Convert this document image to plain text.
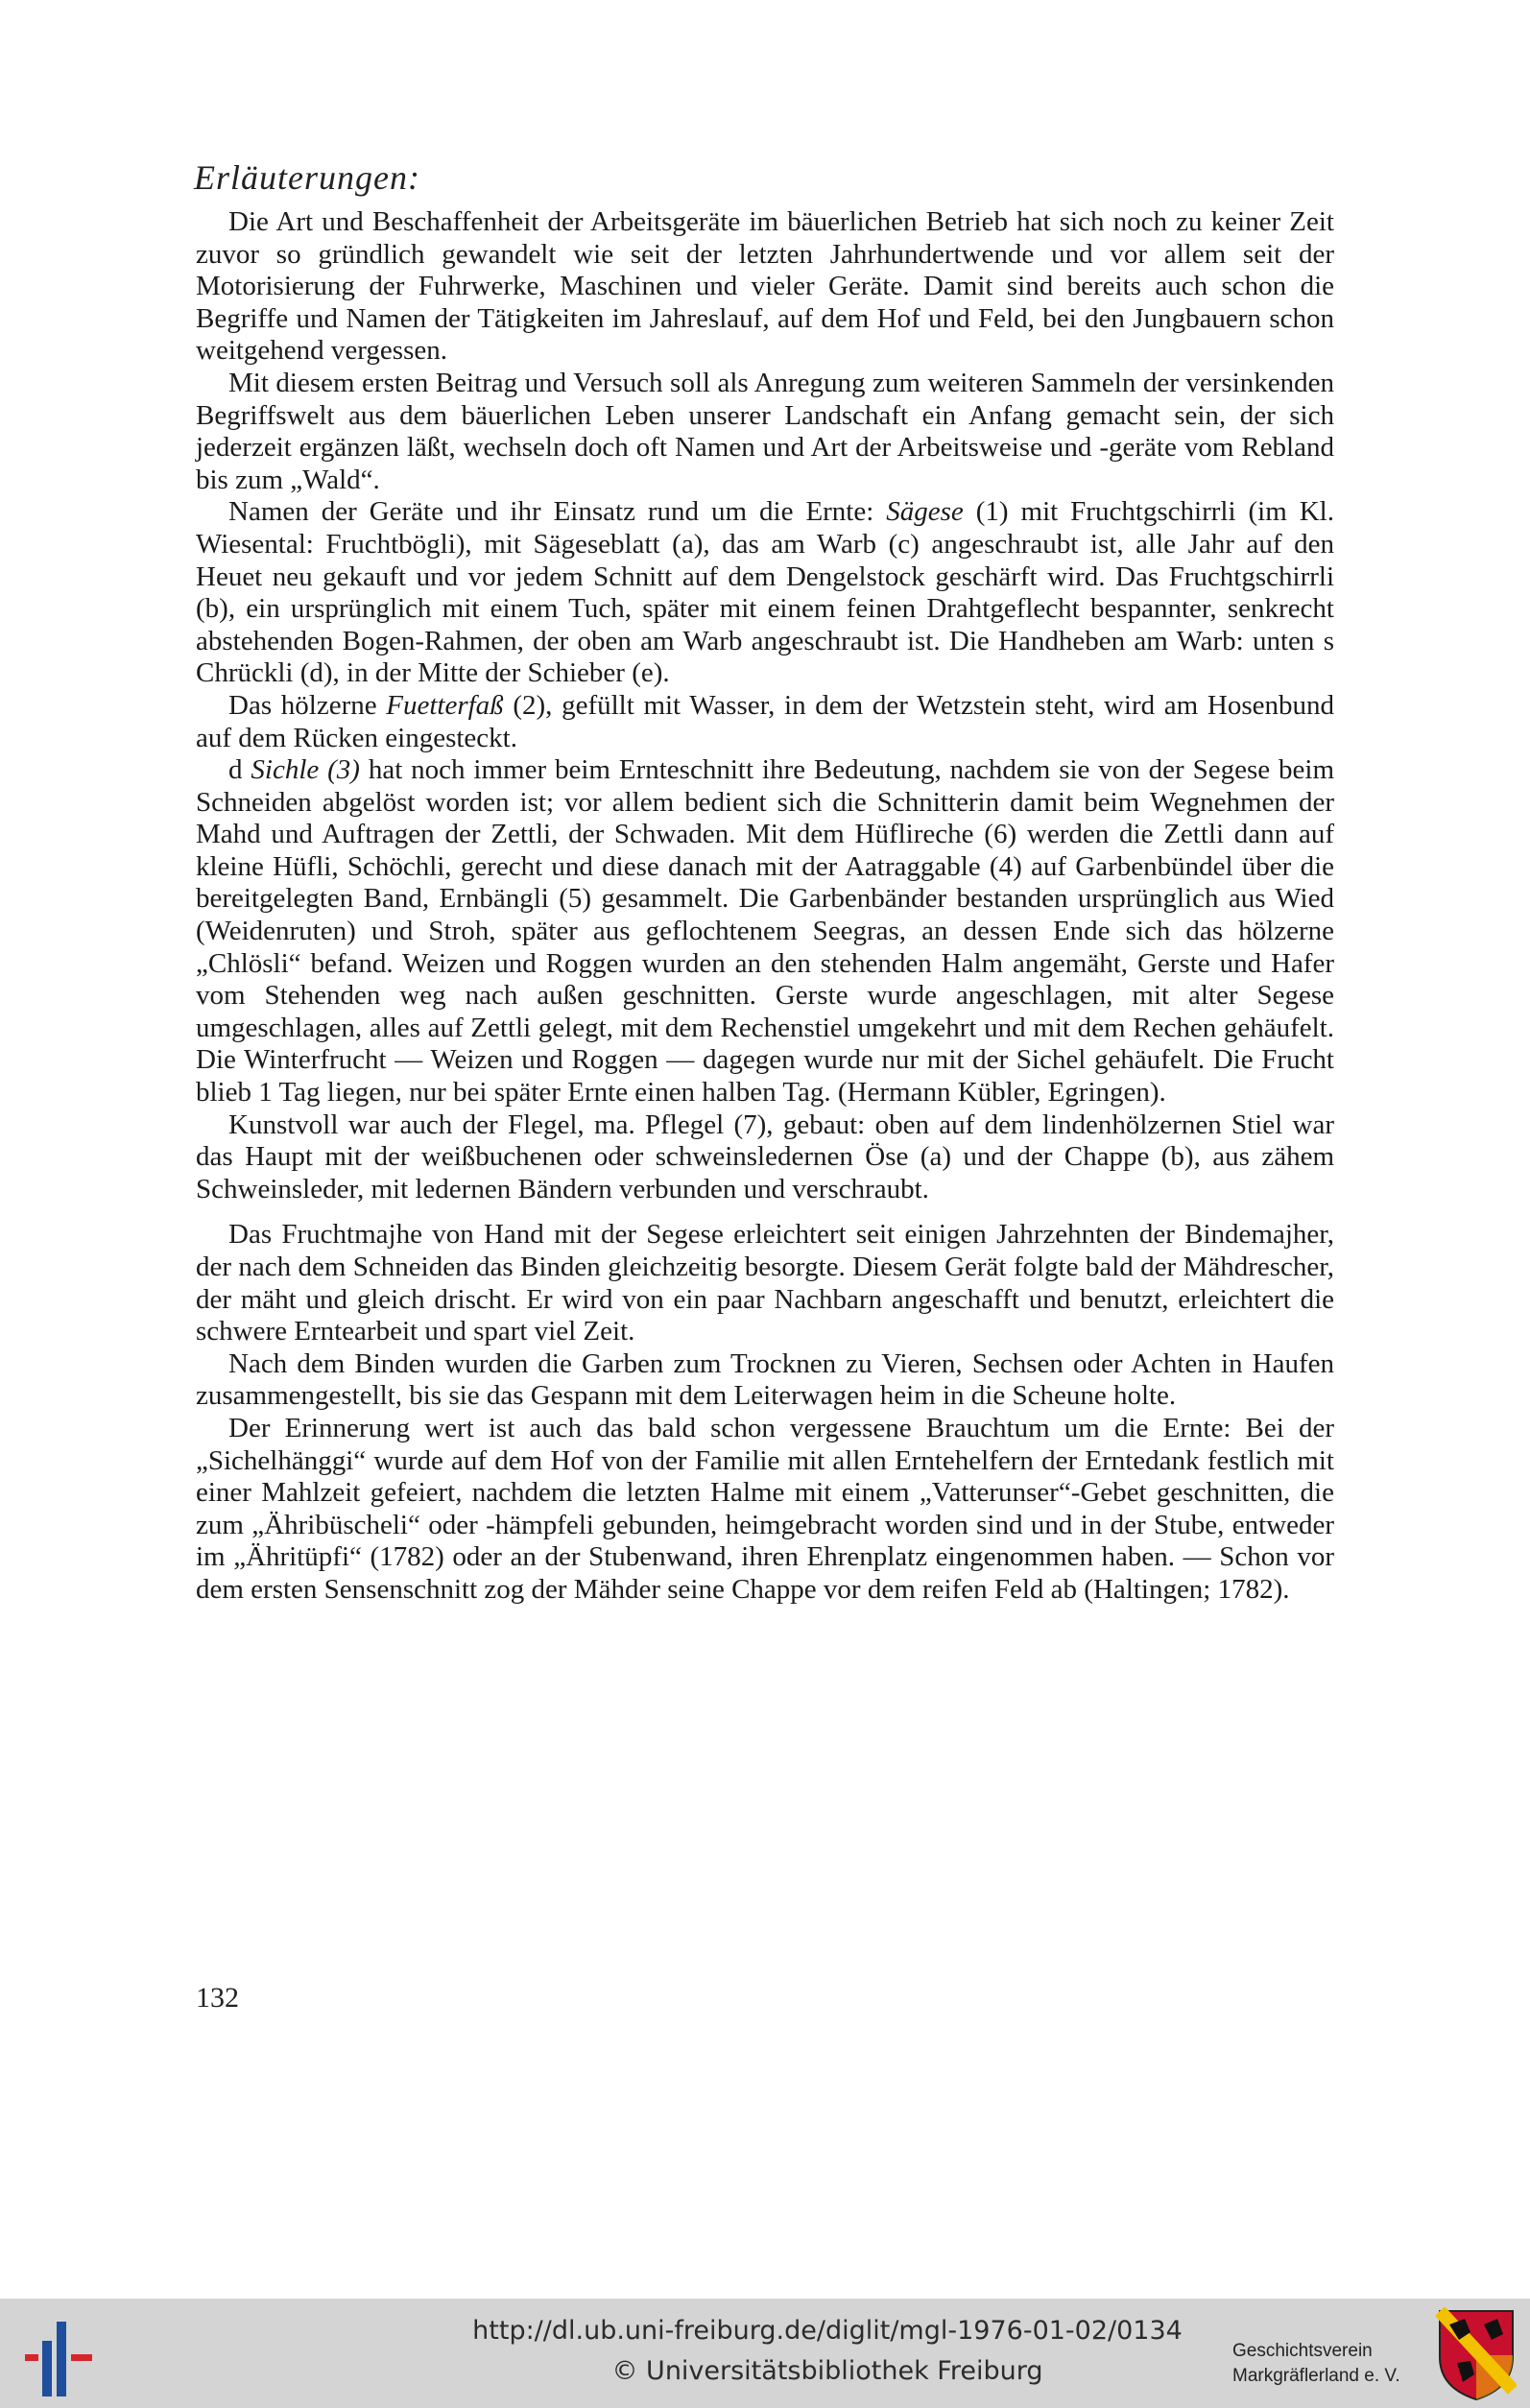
Erläuterungen:

Die Art und Beschaffenheit der Arbeitsgeräte im bäuerlichen Betrieb hat sich noch zu keiner Zeit zuvor so gründlich gewandelt wie seit der letzten Jahrhundertwende und vor allem seit der Motorisierung der Fuhrwerke, Maschinen und vieler Geräte. Damit sind bereits auch schon die Begriffe und Namen der Tätigkeiten im Jahreslauf, auf dem Hof und Feld, bei den Jungbauern schon weitgehend vergessen.

Mit diesem ersten Beitrag und Versuch soll als Anregung zum weiteren Sammeln der versinkenden Begriffswelt aus dem bäuerlichen Leben unserer Landschaft ein Anfang gemacht sein, der sich jederzeit ergänzen läßt, wechseln doch oft Namen und Art der Arbeitsweise und -geräte vom Rebland bis zum „Wald“.

Namen der Geräte und ihr Einsatz rund um die Ernte: Sägese (1) mit Fruchtgschirrli (im Kl. Wiesental: Fruchtbögli), mit Sägeseblatt (a), das am Warb (c) angeschraubt ist, alle Jahr auf den Heuet neu gekauft und vor jedem Schnitt auf dem Dengelstock geschärft wird. Das Fruchtgschirrli (b), ein ursprünglich mit einem Tuch, später mit einem feinen Drahtgeflecht bespannter, senkrecht abstehenden Bogen-Rahmen, der oben am Warb angeschraubt ist. Die Handheben am Warb: unten s Chrückli (d), in der Mitte der Schieber (e).

Das hölzerne Fuetterfaß (2), gefüllt mit Wasser, in dem der Wetzstein steht, wird am Hosenbund auf dem Rücken eingesteckt.

d Sichle (3) hat noch immer beim Ernteschnitt ihre Bedeutung, nachdem sie von der Segese beim Schneiden abgelöst worden ist; vor allem bedient sich die Schnitterin damit beim Wegnehmen der Mahd und Auftragen der Zettli, der Schwaden. Mit dem Hüflireche (6) werden die Zettli dann auf kleine Hüfli, Schöchli, gerecht und diese danach mit der Aatraggable (4) auf Garbenbündel über die bereitgelegten Band, Ernbängli (5) gesammelt. Die Garbenbänder bestanden ursprünglich aus Wied (Weidenruten) und Stroh, später aus geflochtenem Seegras, an dessen Ende sich das hölzerne „Chlösli“ befand. Weizen und Roggen wurden an den stehenden Halm angemäht, Gerste und Hafer vom Stehenden weg nach außen geschnitten. Gerste wurde angeschlagen, mit alter Segese umgeschlagen, alles auf Zettli gelegt, mit dem Rechenstiel umgekehrt und mit dem Rechen gehäufelt. Die Winterfrucht — Weizen und Roggen — dagegen wurde nur mit der Sichel gehäufelt. Die Frucht blieb 1 Tag liegen, nur bei später Ernte einen halben Tag. (Hermann Kübler, Egringen).

Kunstvoll war auch der Flegel, ma. Pflegel (7), gebaut: oben auf dem lindenhölzernen Stiel war das Haupt mit der weißbuchenen oder schweinsledernen Öse (a) und der Chappe (b), aus zähem Schweinsleder, mit ledernen Bändern verbunden und verschraubt.

Das Fruchtmajhe von Hand mit der Segese erleichtert seit einigen Jahrzehnten der Bindemajher, der nach dem Schneiden das Binden gleichzeitig besorgte. Diesem Gerät folgte bald der Mähdrescher, der mäht und gleich drischt. Er wird von ein paar Nachbarn angeschafft und benutzt, erleichtert die schwere Erntearbeit und spart viel Zeit.

Nach dem Binden wurden die Garben zum Trocknen zu Vieren, Sechsen oder Achten in Haufen zusammengestellt, bis sie das Gespann mit dem Leiterwagen heim in die Scheune holte.

Der Erinnerung wert ist auch das bald schon vergessene Brauchtum um die Ernte: Bei der „Sichelhänggi“ wurde auf dem Hof von der Familie mit allen Erntehelfern der Erntedank festlich mit einer Mahlzeit gefeiert, nachdem die letzten Halme mit einem „Vatterunser“-Gebet geschnitten, die zum „Ähribüscheli“ oder -hämpfeli gebunden, heimgebracht worden sind und in der Stube, entweder im „Ähritüpfi“ (1782) oder an der Stubenwand, ihren Ehrenplatz eingenommen haben. — Schon vor dem ersten Sensenschnitt zog der Mähder seine Chappe vor dem reifen Feld ab (Haltingen; 1782).

132
http://dl.ub.uni-freiburg.de/diglit/mgl-1976-01-02/0134
© Universitätsbibliothek Freiburg
Geschichtsverein
Markgräflerland e. V.
